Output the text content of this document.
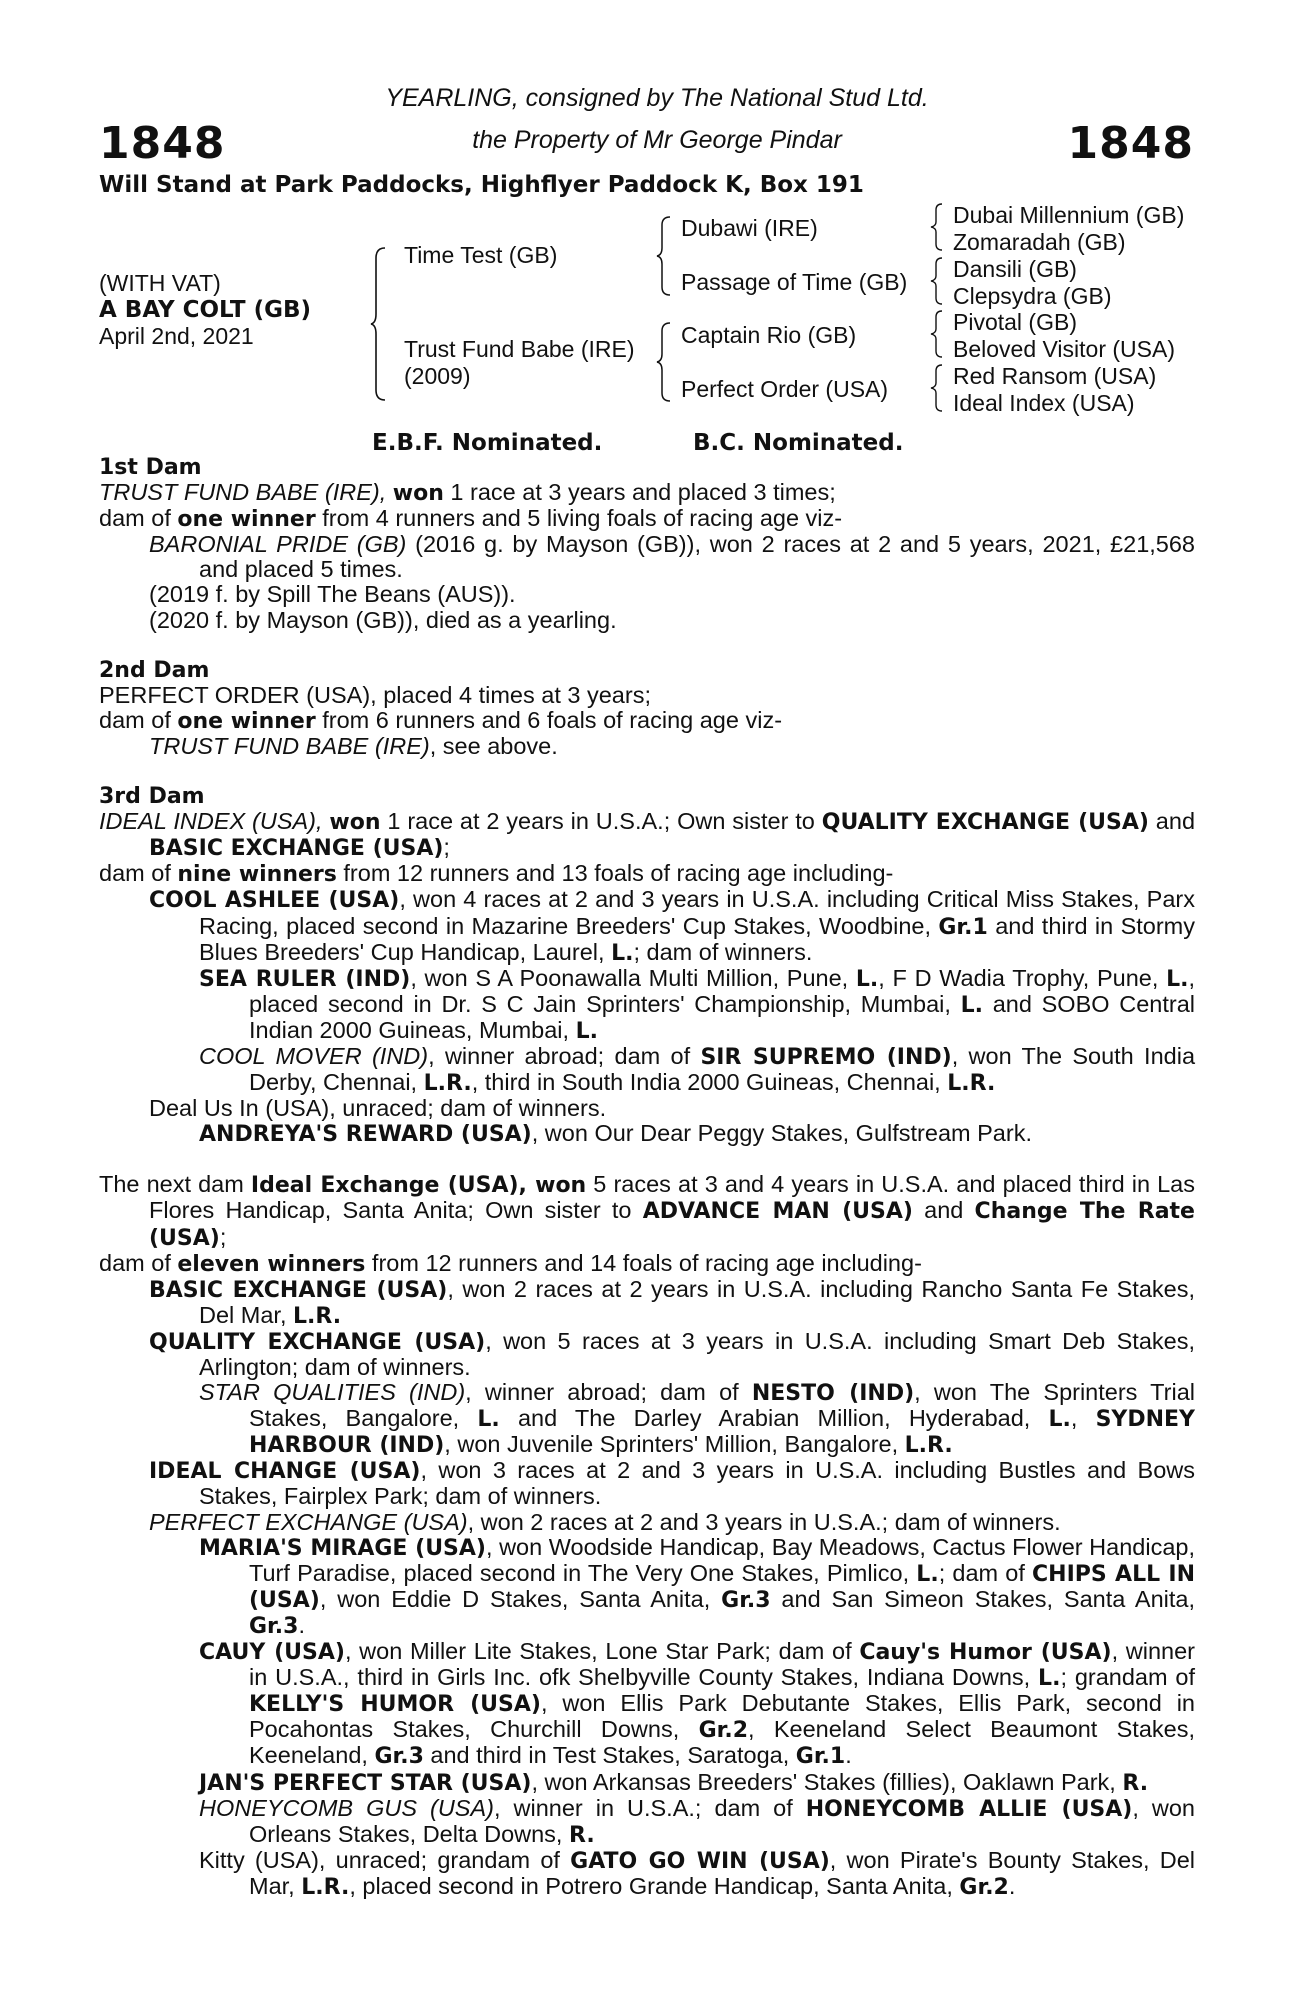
1848	1848
YEARLING, consigned by The National Stud Ltd.
the Property of Mr George Pindar
Will Stand at Park Paddocks, Highflyer Paddock K, Box 191
(WITH VAT)
A BAY COLT (GB)
April 2nd, 2021
Time Test (GB)
Trust Fund Babe (IRE)
(2009)
Dubawi (IRE)
Passage of Time (GB)
Captain Rio (GB)
Perfect Order (USA)
Dubai Millennium (GB)
Zomaradah (GB)
Dansili (GB)
Clepsydra (GB)
Pivotal (GB)
Beloved Visitor (USA)
Red Ransom (USA)
Ideal Index (USA)
E.B.F. Nominated.	B.C. Nominated.

1st Dam

TRUST FUND BABE (IRE), won 1 race at 3 years and placed 3 times;

dam of one winner from 4 runners and 5 living foals of racing age viz-

BARONIAL PRIDE (GB) (2016 g. by Mayson (GB)), won 2 races at 2 and 5 years, 2021, £21,568 and placed 5 times.

(2019 f. by Spill The Beans (AUS)).

(2020 f. by Mayson (GB)), died as a yearling.

2nd Dam

PERFECT ORDER (USA), placed 4 times at 3 years;

dam of one winner from 6 runners and 6 foals of racing age viz-

TRUST FUND BABE (IRE), see above.

3rd Dam

IDEAL INDEX (USA), won 1 race at 2 years in U.S.A.; Own sister to QUALITY EXCHANGE (USA) and BASIC EXCHANGE (USA);

dam of nine winners from 12 runners and 13 foals of racing age including-

COOL ASHLEE (USA), won 4 races at 2 and 3 years in U.S.A. including Critical Miss Stakes, Parx Racing, placed second in Mazarine Breeders' Cup Stakes, Woodbine, Gr.1 and third in Stormy Blues Breeders' Cup Handicap, Laurel, L.; dam of winners.

SEA RULER (IND), won S A Poonawalla Multi Million, Pune, L., F D Wadia Trophy, Pune, L., placed second in Dr. S C Jain Sprinters' Championship, Mumbai, L. and SOBO Central Indian 2000 Guineas, Mumbai, L.

COOL MOVER (IND), winner abroad; dam of SIR SUPREMO (IND), won The South India Derby, Chennai, L.R., third in South India 2000 Guineas, Chennai, L.R.

Deal Us In (USA), unraced; dam of winners.

ANDREYA'S REWARD (USA), won Our Dear Peggy Stakes, Gulfstream Park.

The next dam Ideal Exchange (USA), won 5 races at 3 and 4 years in U.S.A. and placed third in Las Flores Handicap, Santa Anita; Own sister to ADVANCE MAN (USA) and Change The Rate (USA);

dam of eleven winners from 12 runners and 14 foals of racing age including-

BASIC EXCHANGE (USA), won 2 races at 2 years in U.S.A. including Rancho Santa Fe Stakes, Del Mar, L.R.

QUALITY EXCHANGE (USA), won 5 races at 3 years in U.S.A. including Smart Deb Stakes, Arlington; dam of winners.

STAR QUALITIES (IND), winner abroad; dam of NESTO (IND), won The Sprinters Trial Stakes, Bangalore, L. and The Darley Arabian Million, Hyderabad, L., SYDNEY HARBOUR (IND), won Juvenile Sprinters' Million, Bangalore, L.R.

IDEAL CHANGE (USA), won 3 races at 2 and 3 years in U.S.A. including Bustles and Bows Stakes, Fairplex Park; dam of winners.

PERFECT EXCHANGE (USA), won 2 races at 2 and 3 years in U.S.A.; dam of winners.

MARIA'S MIRAGE (USA), won Woodside Handicap, Bay Meadows, Cactus Flower Handicap, Turf Paradise, placed second in The Very One Stakes, Pimlico, L.; dam of CHIPS ALL IN (USA), won Eddie D Stakes, Santa Anita, Gr.3 and San Simeon Stakes, Santa Anita, Gr.3.

CAUY (USA), won Miller Lite Stakes, Lone Star Park; dam of Cauy's Humor (USA), winner in U.S.A., third in Girls Inc. ofk Shelbyville County Stakes, Indiana Downs, L.; grandam of KELLY'S HUMOR (USA), won Ellis Park Debutante Stakes, Ellis Park, second in Pocahontas Stakes, Churchill Downs, Gr.2, Keeneland Select Beaumont Stakes, Keeneland, Gr.3 and third in Test Stakes, Saratoga, Gr.1.

JAN'S PERFECT STAR (USA), won Arkansas Breeders' Stakes (fillies), Oaklawn Park, R.

HONEYCOMB GUS (USA), winner in U.S.A.; dam of HONEYCOMB ALLIE (USA), won Orleans Stakes, Delta Downs, R.

Kitty (USA), unraced; grandam of GATO GO WIN (USA), won Pirate's Bounty Stakes, Del Mar, L.R., placed second in Potrero Grande Handicap, Santa Anita, Gr.2.
